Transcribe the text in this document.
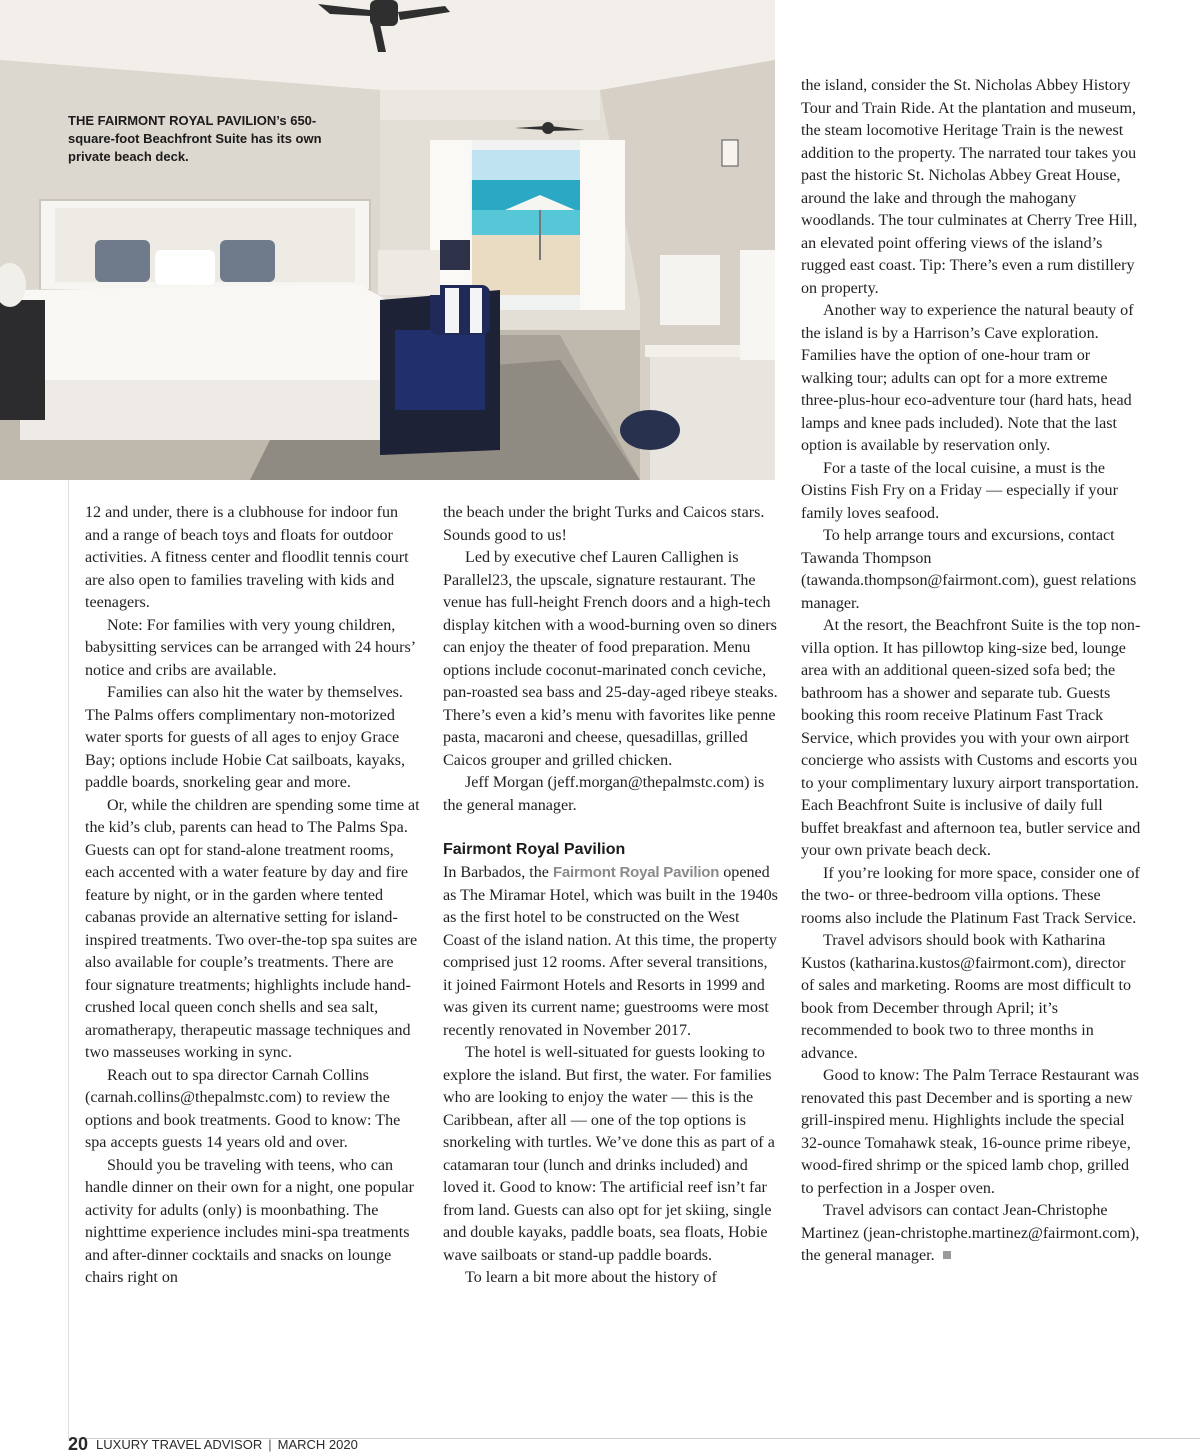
THE FAIRMONT ROYAL PAVILION’s 650-square-foot Beachfront Suite has its own private beach deck.

12 and under, there is a clubhouse for indoor fun and a range of beach toys and floats for outdoor activities. A fitness center and floodlit tennis court are also open to families traveling with kids and teenagers.

Note: For families with very young children, babysitting services can be arranged with 24 hours’ notice and cribs are available.

Families can also hit the water by themselves. The Palms offers complimentary non-motorized water sports for guests of all ages to enjoy Grace Bay; options include Hobie Cat sailboats, kayaks, paddle boards, snorkeling gear and more.

Or, while the children are spending some time at the kid’s club, parents can head to The Palms Spa. Guests can opt for stand-alone treatment rooms, each accented with a water feature by day and fire feature by night, or in the garden where tented cabanas provide an alternative setting for island-inspired treatments. Two over-the-top spa suites are also available for couple’s treatments. There are four signature treatments; highlights include hand-crushed local queen conch shells and sea salt, aromatherapy, therapeutic massage techniques and two masseuses working in sync.

Reach out to spa director Carnah Collins (carnah.collins@thepalmstc.com) to review the options and book treatments. Good to know: The spa accepts guests 14 years old and over.

Should you be traveling with teens, who can handle dinner on their own for a night, one popular activity for adults (only) is moonbathing. The nighttime experience includes mini-spa treatments and after-dinner cocktails and snacks on lounge chairs right on

the beach under the bright Turks and Caicos stars. Sounds good to us!

Led by executive chef Lauren Callighen is Parallel23, the upscale, signature restaurant. The venue has full-height French doors and a high-tech display kitchen with a wood-burning oven so diners can enjoy the theater of food preparation. Menu options include coconut-marinated conch ceviche, pan-roasted sea bass and 25-day-aged ribeye steaks. There’s even a kid’s menu with favorites like penne pasta, macaroni and cheese, quesadillas, grilled Caicos grouper and grilled chicken.

Jeff Morgan (jeff.morgan@thepalmstc.com) is the general manager.

Fairmont Royal Pavilion

In Barbados, the Fairmont Royal Pavilion opened as The Miramar Hotel, which was built in the 1940s as the first hotel to be constructed on the West Coast of the island nation. At this time, the property comprised just 12 rooms. After several transitions, it joined Fairmont Hotels and Resorts in 1999 and was given its current name; guestrooms were most recently renovated in November 2017.

The hotel is well-situated for guests looking to explore the island. But first, the water. For families who are looking to enjoy the water — this is the Caribbean, after all — one of the top options is snorkeling with turtles. We’ve done this as part of a catamaran tour (lunch and drinks included) and loved it. Good to know: The artificial reef isn’t far from land. Guests can also opt for jet skiing, single and double kayaks, paddle boats, sea floats, Hobie wave sailboats or stand-up paddle boards.

To learn a bit more about the history of

the island, consider the St. Nicholas Abbey History Tour and Train Ride. At the plantation and museum, the steam locomotive Heritage Train is the newest addition to the property. The narrated tour takes you past the historic St. Nicholas Abbey Great House, around the lake and through the mahogany woodlands. The tour culminates at Cherry Tree Hill, an elevated point offering views of the island’s rugged east coast. Tip: There’s even a rum distillery on property.

Another way to experience the natural beauty of the island is by a Harrison’s Cave exploration. Families have the option of one-hour tram or walking tour; adults can opt for a more extreme three-plus-hour eco-adventure tour (hard hats, head lamps and knee pads included). Note that the last option is available by reservation only.

For a taste of the local cuisine, a must is the Oistins Fish Fry on a Friday — especially if your family loves seafood.

To help arrange tours and excursions, contact Tawanda Thompson (tawanda.thompson@fairmont.com), guest relations manager.

At the resort, the Beachfront Suite is the top non-villa option. It has pillowtop king-size bed, lounge area with an additional queen-sized sofa bed; the bathroom has a shower and separate tub. Guests booking this room receive Platinum Fast Track Service, which provides you with your own airport concierge who assists with Customs and escorts you to your complimentary luxury airport transportation. Each Beachfront Suite is inclusive of daily full buffet breakfast and afternoon tea, butler service and your own private beach deck.

If you’re looking for more space, consider one of the two- or three-bedroom villa options. These rooms also include the Platinum Fast Track Service.

Travel advisors should book with Katharina Kustos (katharina.kustos@fairmont.com), director of sales and marketing. Rooms are most difficult to book from December through April; it’s recommended to book two to three months in advance.

Good to know: The Palm Terrace Restaurant was renovated this past December and is sporting a new grill-inspired menu. Highlights include the special 32-ounce Tomahawk steak, 16-ounce prime ribeye, wood-fired shrimp or the spiced lamb chop, grilled to perfection in a Josper oven.

Travel advisors can contact Jean-Christophe Martinez (jean-christophe.martinez@fairmont.com), the general manager.

20 LUXURY TRAVEL ADVISOR | MARCH 2020
